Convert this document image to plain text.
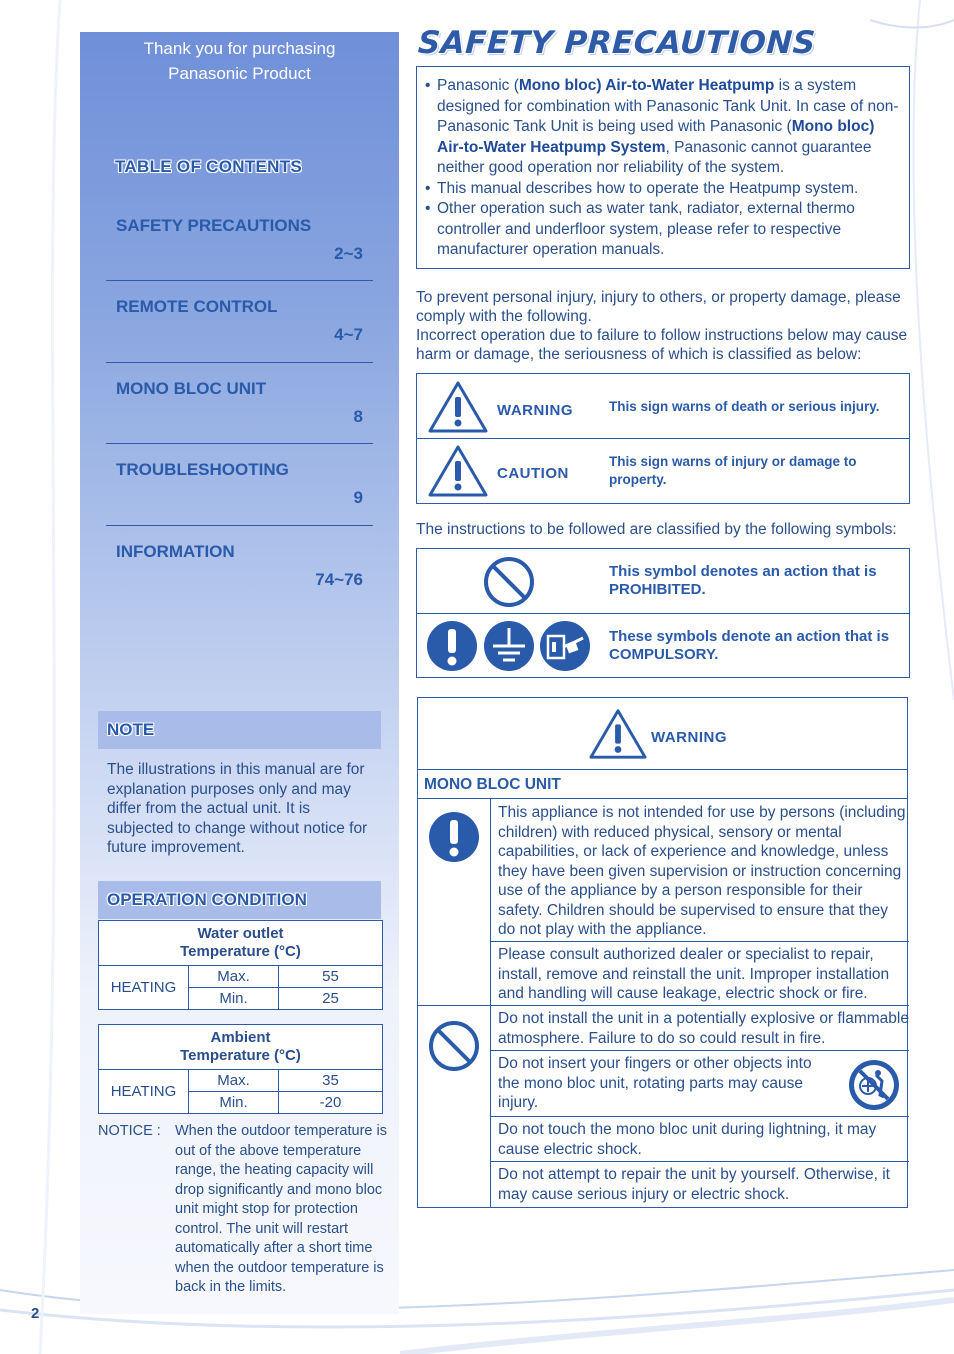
Thank you for purchasing
Panasonic Product
TABLE OF CONTENTS
SAFETY PRECAUTIONS
2~3
REMOTE CONTROL
4~7
MONO BLOC UNIT
8
TROUBLESHOOTING
9
INFORMATION
74~76
NOTE
The illustrations in this manual are for explanation purposes only and may differ from the actual unit. It is subjected to change without notice for future improvement.
OPERATION CONDITION
Water outlet
Temperature (°C)		

HEATING	Max.	55
	Min.	25
Ambient
Temperature (°C)		

HEATING	Max.	35
	Min.	-20
NOTICE : When the outdoor temperature is out of the above temperature range, the heating capacity will drop significantly and mono bloc unit might stop for protection control. The unit will restart automatically after a short time when the outdoor temperature is back in the limits.
2
SAFETY PRECAUTIONS
• Panasonic (Mono bloc) Air-to-Water Heatpump is a system designed for combination with Panasonic Tank Unit. In case of non-Panasonic Tank Unit is being used with Panasonic (Mono bloc) Air-to-Water Heatpump System, Panasonic cannot guarantee neither good operation nor reliability of the system.
• This manual describes how to operate the Heatpump system.
• Other operation such as water tank, radiator, external thermo controller and underfloor system, please refer to respective manufacturer operation manuals.
To prevent personal injury, injury to others, or property damage, please comply with the following.
Incorrect operation due to failure to follow instructions below may cause harm or damage, the seriousness of which is classified as below:
WARNING	This sign warns of death or serious injury.
CAUTION
This sign warns of injury or damage to property.
The instructions to be followed are classified by the following symbols:
This symbol denotes an action that is PROHIBITED.
These symbols denote an action that is COMPULSORY.
WARNING
MONO BLOC UNIT
This appliance is not intended for use by persons (including children) with reduced physical, sensory or mental capabilities, or lack of experience and knowledge, unless they have been given supervision or instruction concerning use of the appliance by a person responsible for their safety. Children should be supervised to ensure that they do not play with the appliance.
Please consult authorized dealer or specialist to repair, install, remove and reinstall the unit. Improper installation and handling will cause leakage, electric shock or fire.
Do not install the unit in a potentially explosive or flammable atmosphere. Failure to do so could result in fire.
Do not insert your fingers or other objects into the mono bloc unit, rotating parts may cause injury.
Do not touch the mono bloc unit during lightning, it may cause electric shock.
Do not attempt to repair the unit by yourself. Otherwise, it may cause serious injury or electric shock.
